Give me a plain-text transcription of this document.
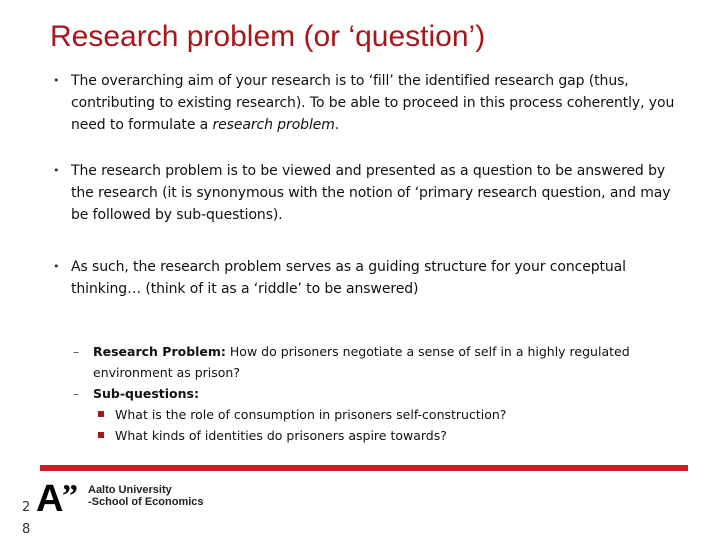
Research problem (or ‘question’)
• The overarching aim of your research is to ‘fill’ the identified research gap (thus, contributing to existing research). To be able to proceed in this process coherently, you need to formulate a research problem.
• The research problem is to be viewed and presented as a question to be answered by the research (it is synonymous with the notion of ‘primary research question, and may be followed by sub-questions).
• As such, the research problem serves as a guiding structure for your conceptual thinking… (think of it as a ‘riddle’ to be answered)
– Research Problem: How do prisoners negotiate a sense of self in a highly regulated environment as prison?
– Sub-questions:
What is the role of consumption in prisoners self-construction?
What kinds of identities do prisoners aspire towards?
A
” Aalto University
-School of Economics
2
8
